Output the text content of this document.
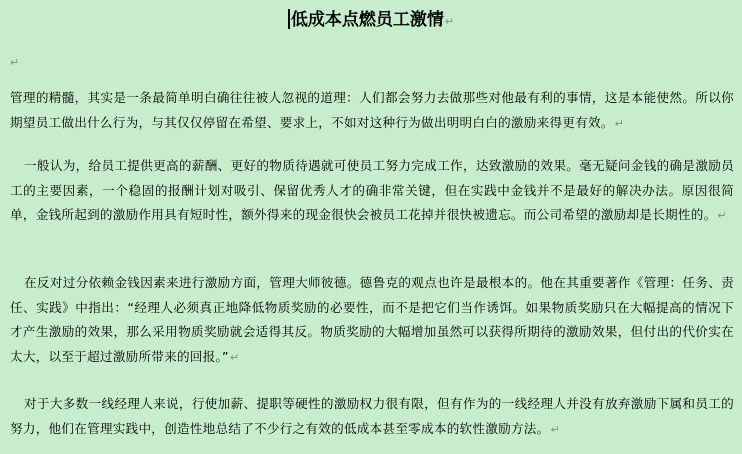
低成本点燃员工激情↵
↵
管理的精髓，其实是一条最简单明白确往往被人忽视的道理：人们都会努力去做那些对他最有利的事情，这是本能使然。所以你期望员工做出什么行为，与其仅仅停留在希望、要求上，不如对这种行为做出明明白白的激励来得更有效。↵
一般认为，给员工提供更高的薪酬、更好的物质待遇就可使员工努力完成工作，达致激励的效果。毫无疑问金钱的确是激励员工的主要因素，一个稳固的报酬计划对吸引、保留优秀人才的确非常关键，但在实践中金钱并不是最好的解决办法。原因很简单，金钱所起到的激励作用具有短时性，额外得来的现金很快会被员工花掉并很快被遗忘。而公司希望的激励却是长期性的。↵
在反对过分依赖金钱因素来进行激励方面，管理大师彼德。德鲁克的观点也许是最根本的。他在其重要著作《管理：任务、责任、实践》中指出：“经理人必须真正地降低物质奖励的必要性，而不是把它们当作诱饵。如果物质奖励只在大幅提高的情况下才产生激励的效果，那么采用物质奖励就会适得其反。物质奖励的大幅增加虽然可以获得所期待的激励效果，但付出的代价实在太大，以至于超过激励所带来的回报。”↵
对于大多数一线经理人来说，行使加薪、提职等硬性的激励权力很有限，但有作为的一线经理人并没有放弃激励下属和员工的努力，他们在管理实践中，创造性地总结了不少行之有效的低成本甚至零成本的软性激励方法。↵
